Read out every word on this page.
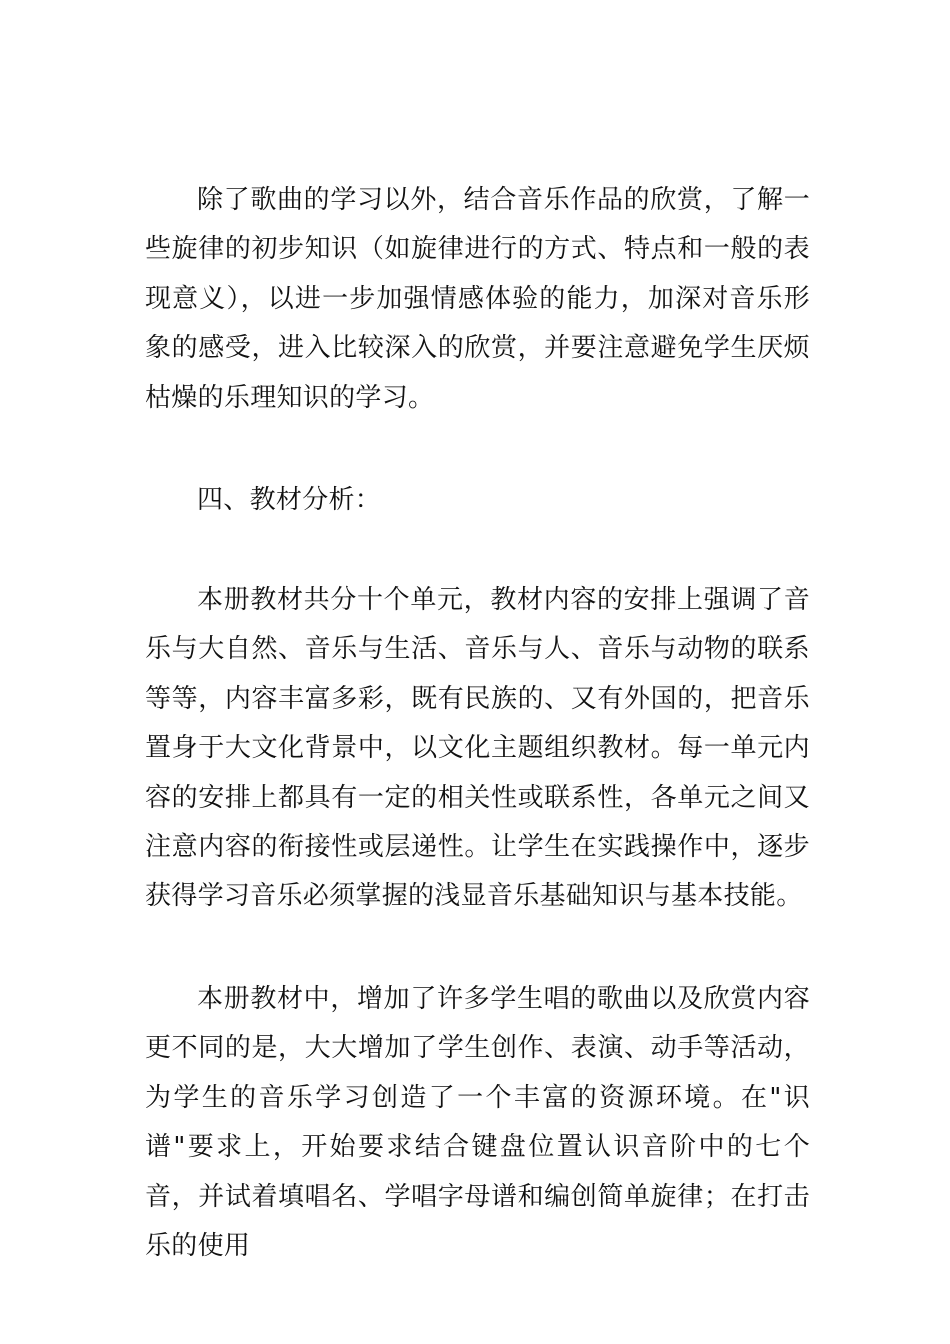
除了歌曲的学习以外，结合音乐作品的欣赏，了解一些旋律的初步知识（如旋律进行的方式、特点和一般的表现意义），以进一步加强情感体验的能力，加深对音乐形象的感受，进入比较深入的欣赏，并要注意避免学生厌烦枯燥的乐理知识的学习。

四、教材分析：

本册教材共分十个单元，教材内容的安排上强调了音乐与大自然、音乐与生活、音乐与人、音乐与动物的联系等等，内容丰富多彩，既有民族的、又有外国的，把音乐置身于大文化背景中，以文化主题组织教材。每一单元内容的安排上都具有一定的相关性或联系性，各单元之间又注意内容的衔接性或层递性。让学生在实践操作中，逐步获得学习音乐必须掌握的浅显音乐基础知识与基本技能。

本册教材中，增加了许多学生唱的歌曲以及欣赏内容更不同的是，大大增加了学生创作、表演、动手等活动，为学生的音乐学习创造了一个丰富的资源环境。在"识谱"要求上，开始要求结合键盘位置认识音阶中的七个音，并试着填唱名、学唱字母谱和编创简单旋律；在打击乐的使用
